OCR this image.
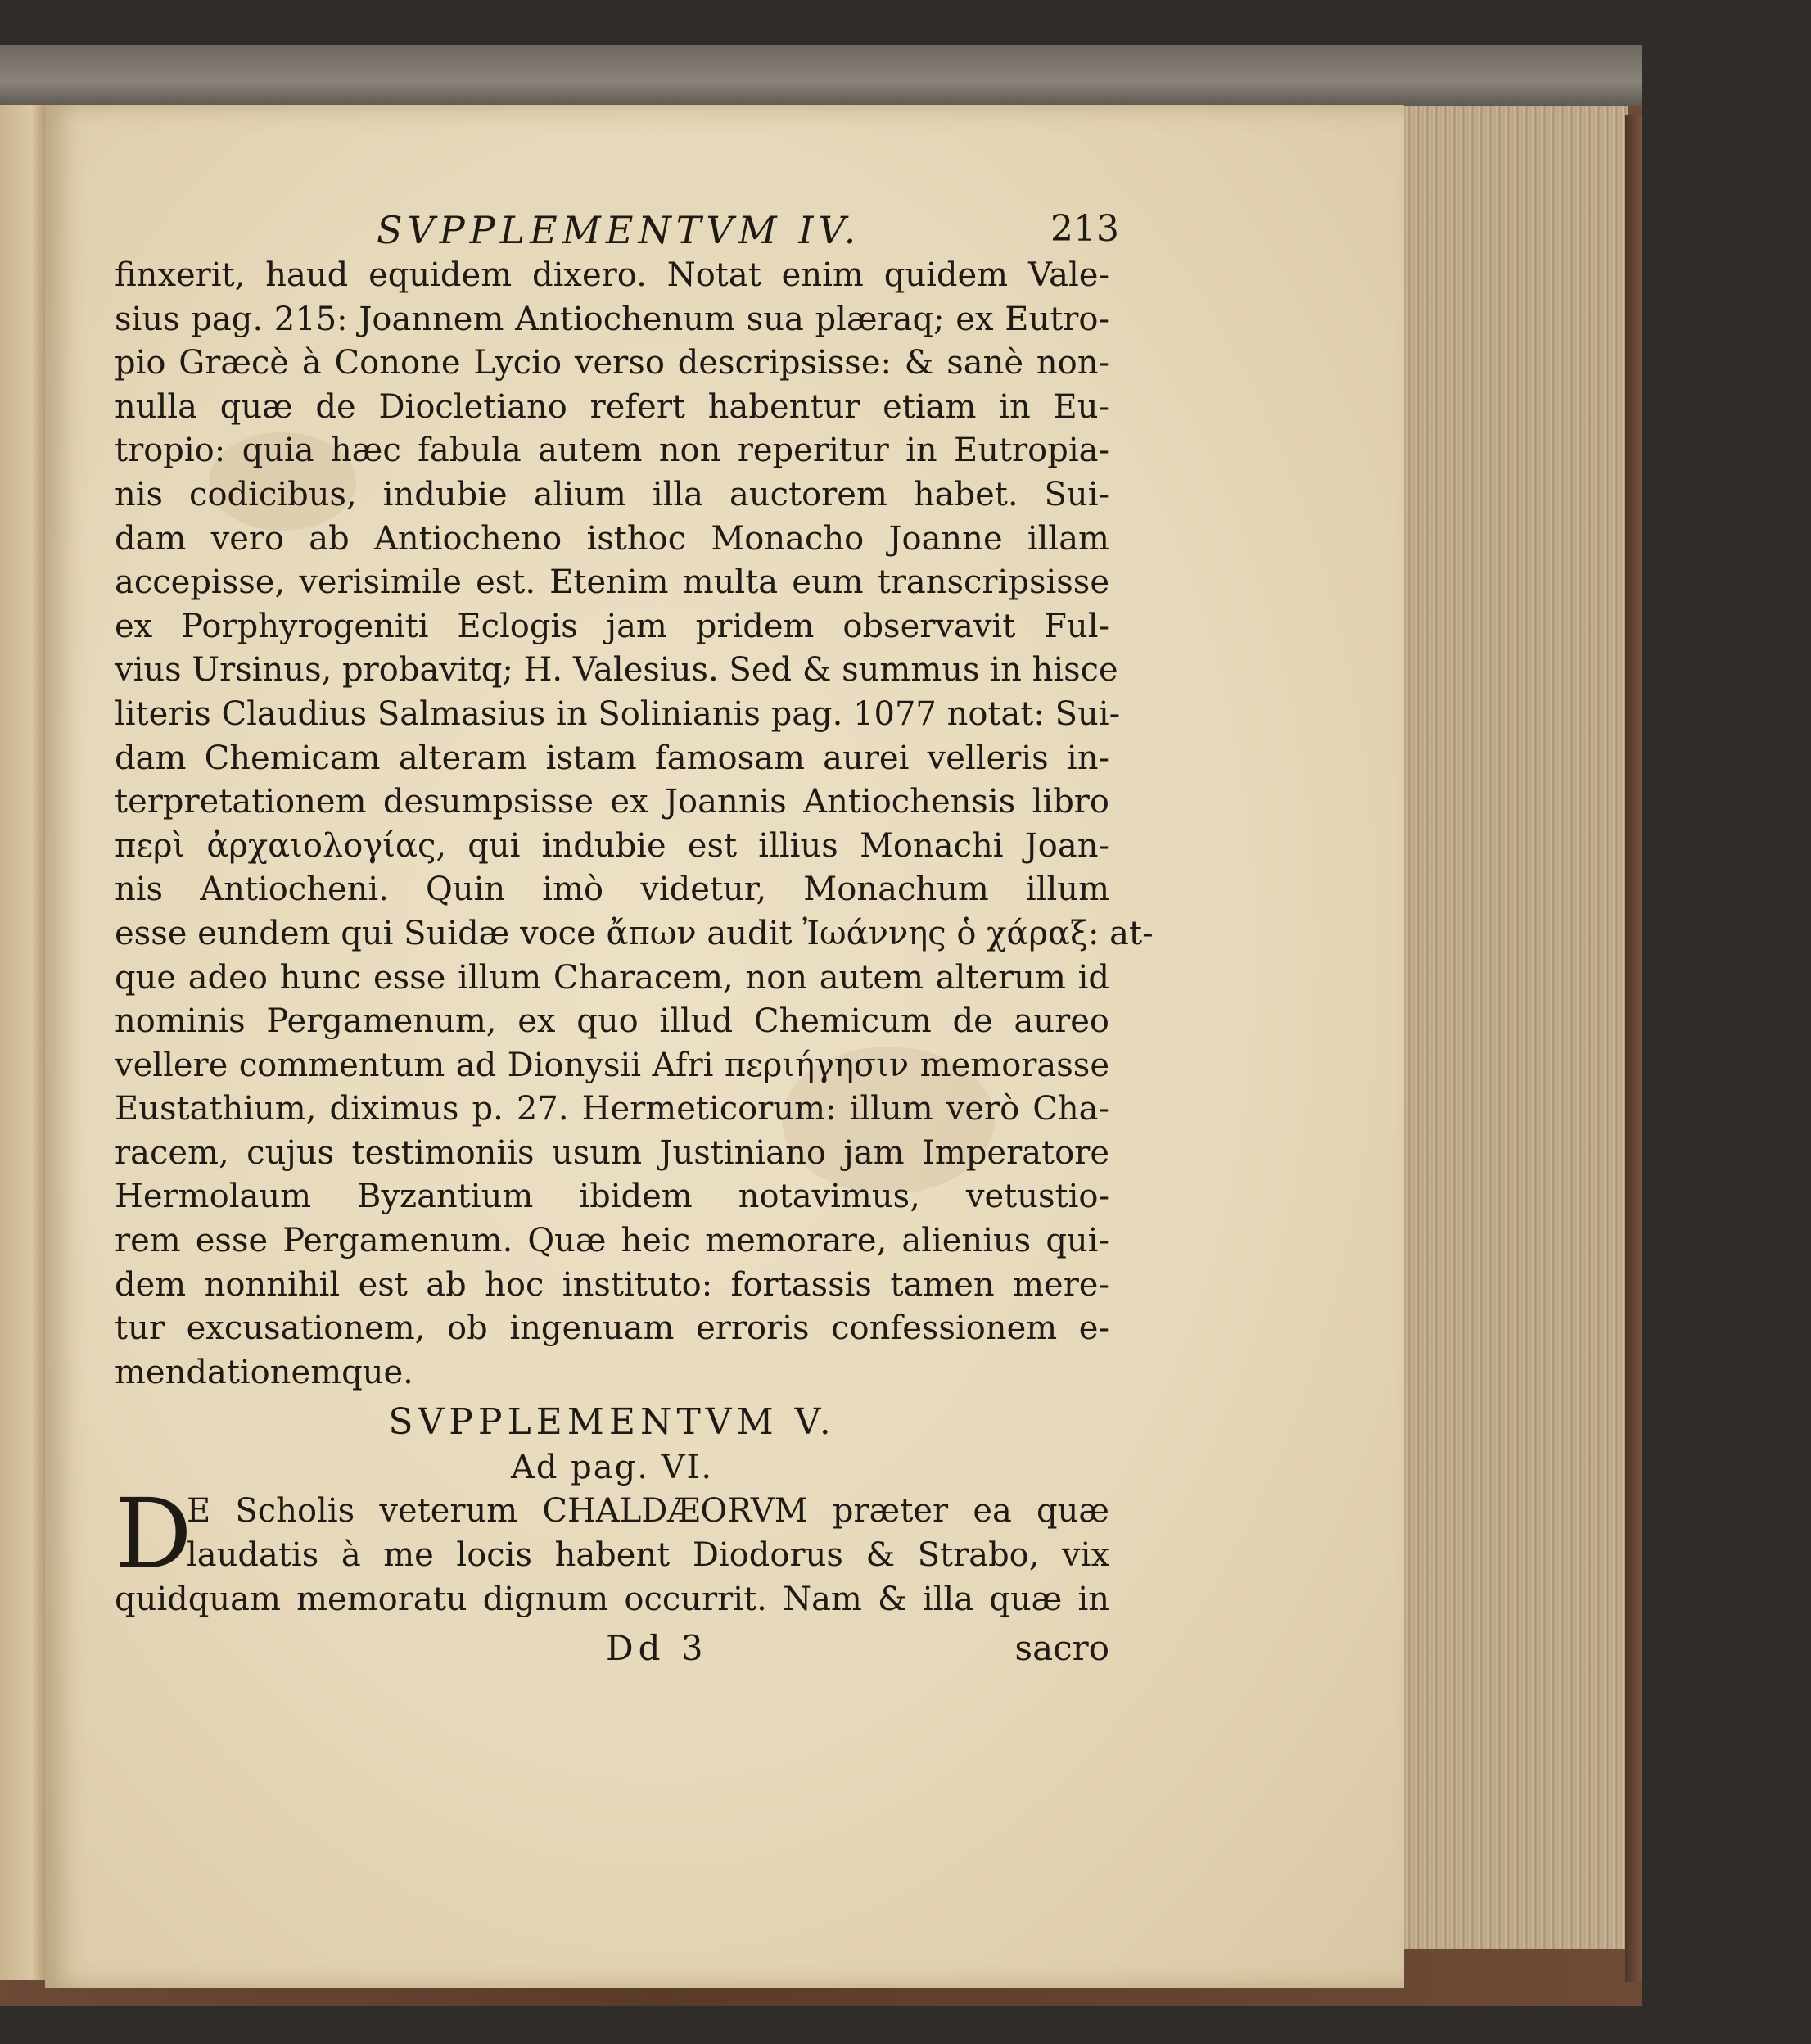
SVPPLEMENTVM IV.	213
finxerit, haud equidem dixero. Notat enim quidem Vale-
sius pag. 215: Joannem Antiochenum sua plæraq; ex Eutro-
pio Græcè à Conone Lycio verso descripsisse: & sanè non-
nulla quæ de Diocletiano refert habentur etiam in Eu-
tropio: quia hæc fabula autem non reperitur in Eutropia-
nis codicibus, indubie alium illa auctorem habet. Sui-
dam vero ab Antiocheno isthoc Monacho Joanne illam
accepisse, verisimile est. Etenim multa eum transcripsisse
ex Porphyrogeniti Eclogis jam pridem observavit Ful-
vius Ursinus, probavitq; H. Valesius. Sed & summus in hisce
literis Claudius Salmasius in Solinianis pag. 1077 notat: Sui-
dam Chemicam alteram istam famosam aurei velleris in-
terpretationem desumpsisse ex Joannis Antiochensis libro
περὶ ἀρχαιολογίας, qui indubie est illius Monachi Joan-
nis Antiocheni. Quin imò videtur, Monachum illum
esse eundem qui Suidæ voce ἄπων audit Ἰωάννης ὁ χάραξ: at-
que adeo hunc esse illum Characem, non autem alterum id
nominis Pergamenum, ex quo illud Chemicum de aureo
vellere commentum ad Dionysii Afri περιήγησιν memorasse
Eustathium, diximus p. 27. Hermeticorum: illum verò Cha-
racem, cujus testimoniis usum Justiniano jam Imperatore
Hermolaum Byzantium ibidem notavimus, vetustio-
rem esse Pergamenum. Quæ heic memorare, alienius qui-
dem nonnihil est ab hoc instituto: fortassis tamen mere-
tur excusationem, ob ingenuam erroris confessionem e-
mendationemque.
SVPPLEMENTVM V.
Ad pag. VI.
D
E Scholis veterum CHALDÆORVM præter ea quæ
laudatis à me locis habent Diodorus & Strabo, vix
quidquam memoratu dignum occurrit. Nam & illa quæ in
Dd 3	sacro
